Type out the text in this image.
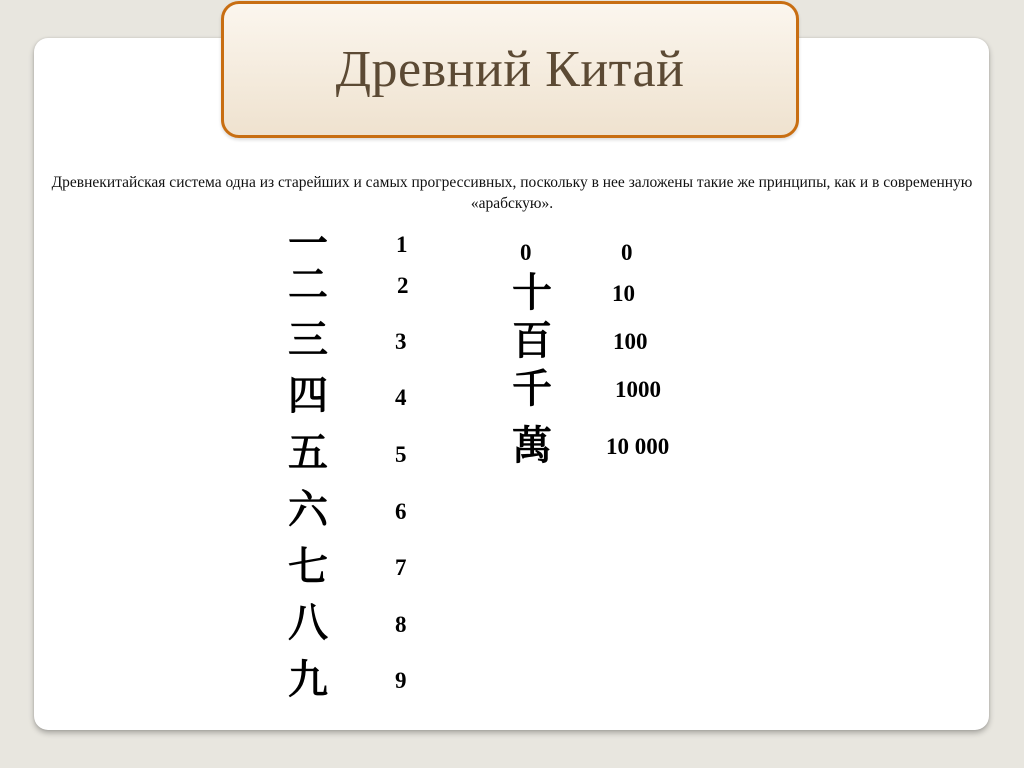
Древний Китай
Древнекитайская система одна из старейших и самых прогрессивных, поскольку в нее заложены такие же принципы, как и в современную «арабскую».
一	1
二	2
三	3
四	4
五	5
六	6
七	7
八	8
九	9
0	0
十	10
百	100
千	1000
萬 10 000
